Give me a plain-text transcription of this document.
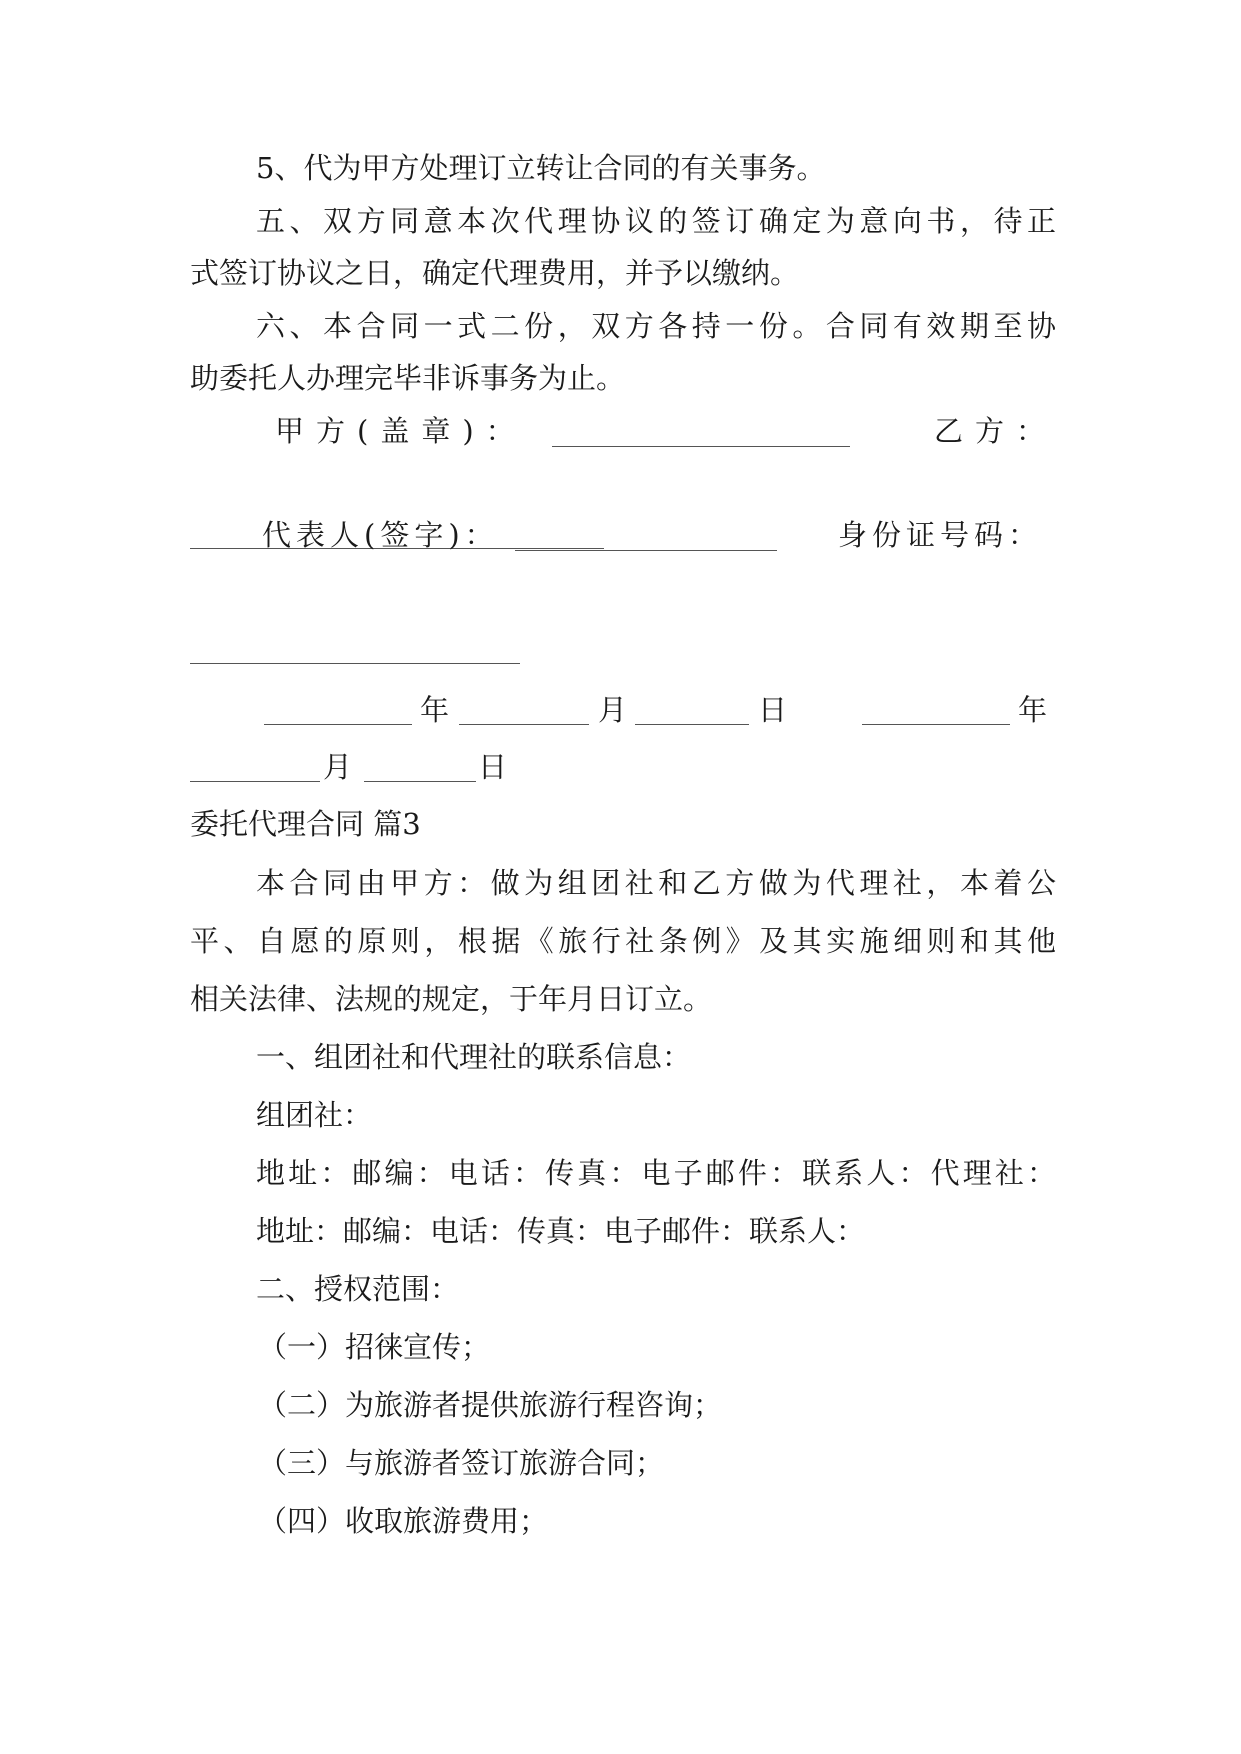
5、代为甲方处理订立转让合同的有关事务。
五、双方同意本次代理协议的签订确定为意向书，待正
式签订协议之日，确定代理费用，并予以缴纳。
六、本合同一式二份，双方各持一份。合同有效期至协
助委托人办理完毕非诉事务为止。
甲方(盖章)：	乙方：
代表人(签字)：	身份证号码：
年	月	日	年
月	日
委托代理合同 篇3
本合同由甲方：做为组团社和乙方做为代理社，本着公
平、自愿的原则，根据《旅行社条例》及其实施细则和其他
相关法律、法规的规定，于年月日订立。
一、组团社和代理社的联系信息：
组团社：
地址：邮编：电话：传真：电子邮件：联系人：代理社：
地址：邮编：电话：传真：电子邮件：联系人：
二、授权范围：
（一）招徕宣传；
（二）为旅游者提供旅游行程咨询；
（三）与旅游者签订旅游合同；
（四）收取旅游费用；
